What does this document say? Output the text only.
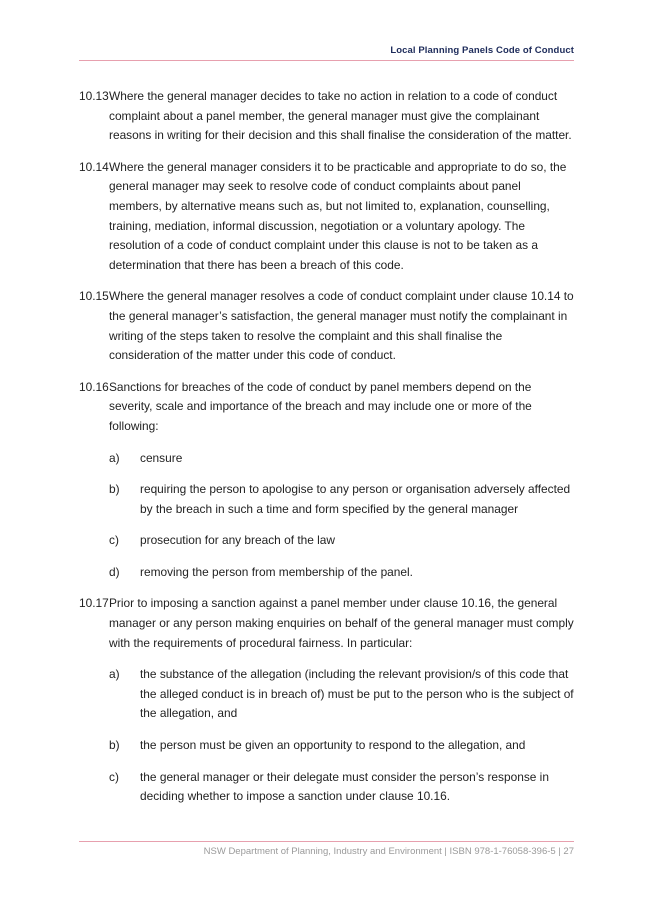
Local Planning Panels Code of Conduct

10.13 Where the general manager decides to take no action in relation to a code of conduct complaint about a panel member, the general manager must give the complainant reasons in writing for their decision and this shall finalise the consideration of the matter.

10.14 Where the general manager considers it to be practicable and appropriate to do so, the general manager may seek to resolve code of conduct complaints about panel members, by alternative means such as, but not limited to, explanation, counselling, training, mediation, informal discussion, negotiation or a voluntary apology. The resolution of a code of conduct complaint under this clause is not to be taken as a determination that there has been a breach of this code.

10.15 Where the general manager resolves a code of conduct complaint under clause 10.14 to the general manager’s satisfaction, the general manager must notify the complainant in writing of the steps taken to resolve the complaint and this shall finalise the consideration of the matter under this code of conduct.

10.16 Sanctions for breaches of the code of conduct by panel members depend on the severity, scale and importance of the breach and may include one or more of the following:

a) censure

b) requiring the person to apologise to any person or organisation adversely affected by the breach in such a time and form specified by the general manager

c) prosecution for any breach of the law

d) removing the person from membership of the panel.

10.17 Prior to imposing a sanction against a panel member under clause 10.16, the general manager or any person making enquiries on behalf of the general manager must comply with the requirements of procedural fairness. In particular:

a) the substance of the allegation (including the relevant provision/s of this code that the alleged conduct is in breach of) must be put to the person who is the subject of the allegation, and

b) the person must be given an opportunity to respond to the allegation, and

c) the general manager or their delegate must consider the person’s response in deciding whether to impose a sanction under clause 10.16.

NSW Department of Planning, Industry and Environment | ISBN 978-1-76058-396-5 | 27
